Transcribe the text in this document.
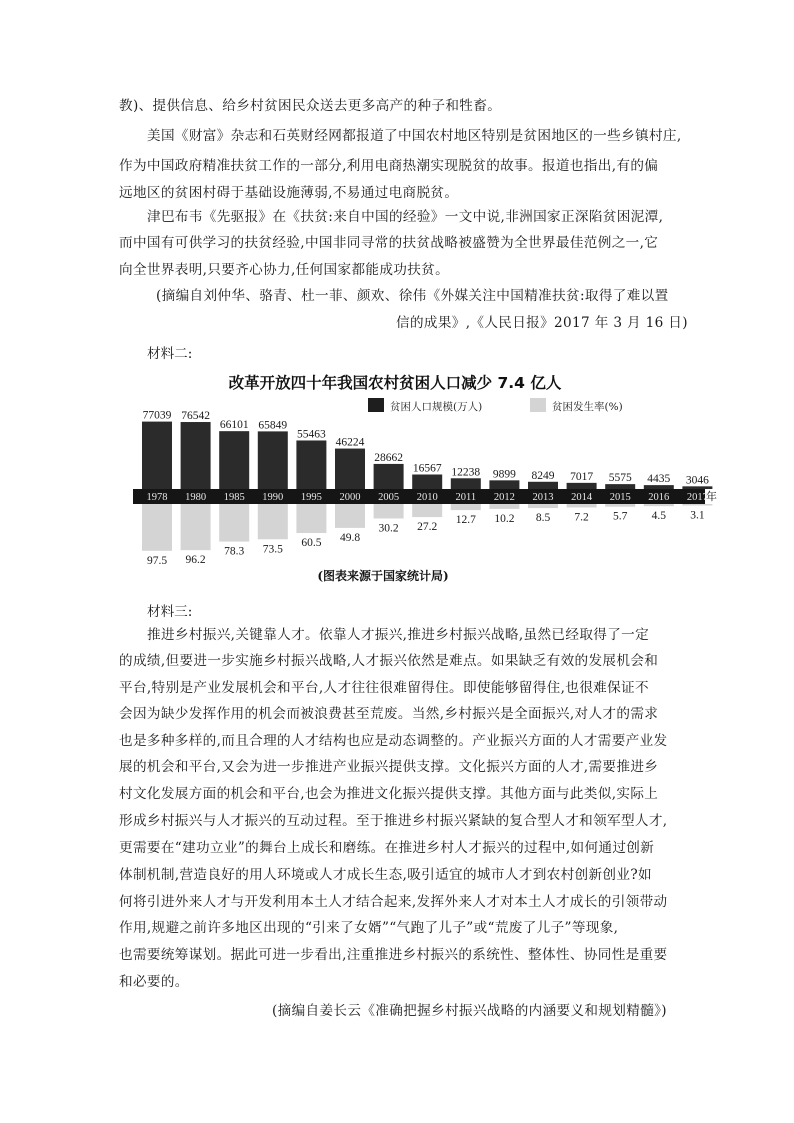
教)、提供信息、给乡村贫困民众送去更多高产的种子和牲畜。
美国《财富》杂志和石英财经网都报道了中国农村地区特别是贫困地区的一些乡镇村庄,
作为中国政府精准扶贫工作的一部分,利用电商热潮实现脱贫的故事。报道也指出,有的偏
远地区的贫困村碍于基础设施薄弱,不易通过电商脱贫。
津巴布韦《先驱报》在《扶贫:来自中国的经验》一文中说,非洲国家正深陷贫困泥潭,
而中国有可供学习的扶贫经验,中国非同寻常的扶贫战略被盛赞为全世界最佳范例之一,它
向全世界表明,只要齐心协力,任何国家都能成功扶贫。
(摘编自刘仲华、骆青、杜一菲、颜欢、徐伟《外媒关注中国精准扶贫:取得了难以置
信的成果》,《人民日报》2017 年 3 月 16 日)
材料二:
改革开放四十年我国农村贫困人口减少 7.4 亿人
贫困人口规模(万人)	贫困发生率(%)
77039 76542
66101 65849
55463
46224
28662
16567 12238 9899 8249 7017 5575 4435 3046
年
97.5 96.2
78.3 73.5
60.5 49.8
30.2 27.2
12.7 10.2 8.5 7.2 5.7 4.5 3.1
1978 1980 1985 1990 1995 2000 2005 2010 2011 2012 2013 2014 2015 2016 2017
(图表来源于国家统计局)
材料三:
推进乡村振兴,关键靠人才。依靠人才振兴,推进乡村振兴战略,虽然已经取得了一定
的成绩,但要进一步实施乡村振兴战略,人才振兴依然是难点。如果缺乏有效的发展机会和
平台,特别是产业发展机会和平台,人才往往很难留得住。即使能够留得住,也很难保证不
会因为缺少发挥作用的机会而被浪费甚至荒废。当然,乡村振兴是全面振兴,对人才的需求
也是多种多样的,而且合理的人才结构也应是动态调整的。产业振兴方面的人才需要产业发
展的机会和平台,又会为进一步推进产业振兴提供支撑。文化振兴方面的人才,需要推进乡
村文化发展方面的机会和平台,也会为推进文化振兴提供支撑。其他方面与此类似,实际上
形成乡村振兴与人才振兴的互动过程。至于推进乡村振兴紧缺的复合型人才和领军型人才,
更需要在“建功立业”的舞台上成长和磨练。在推进乡村人才振兴的过程中,如何通过创新
体制机制,营造良好的用人环境或人才成长生态,吸引适宜的城市人才到农村创新创业?如
何将引进外来人才与开发利用本土人才结合起来,发挥外来人才对本土人才成长的引领带动
作用,规避之前许多地区出现的“引来了女婿”“气跑了儿子”或“荒废了儿子”等现象,
也需要统筹谋划。据此可进一步看出,注重推进乡村振兴的系统性、整体性、协同性是重要
和必要的。
(摘编自姜长云《准确把握乡村振兴战略的内涵要义和规划精髓》)
